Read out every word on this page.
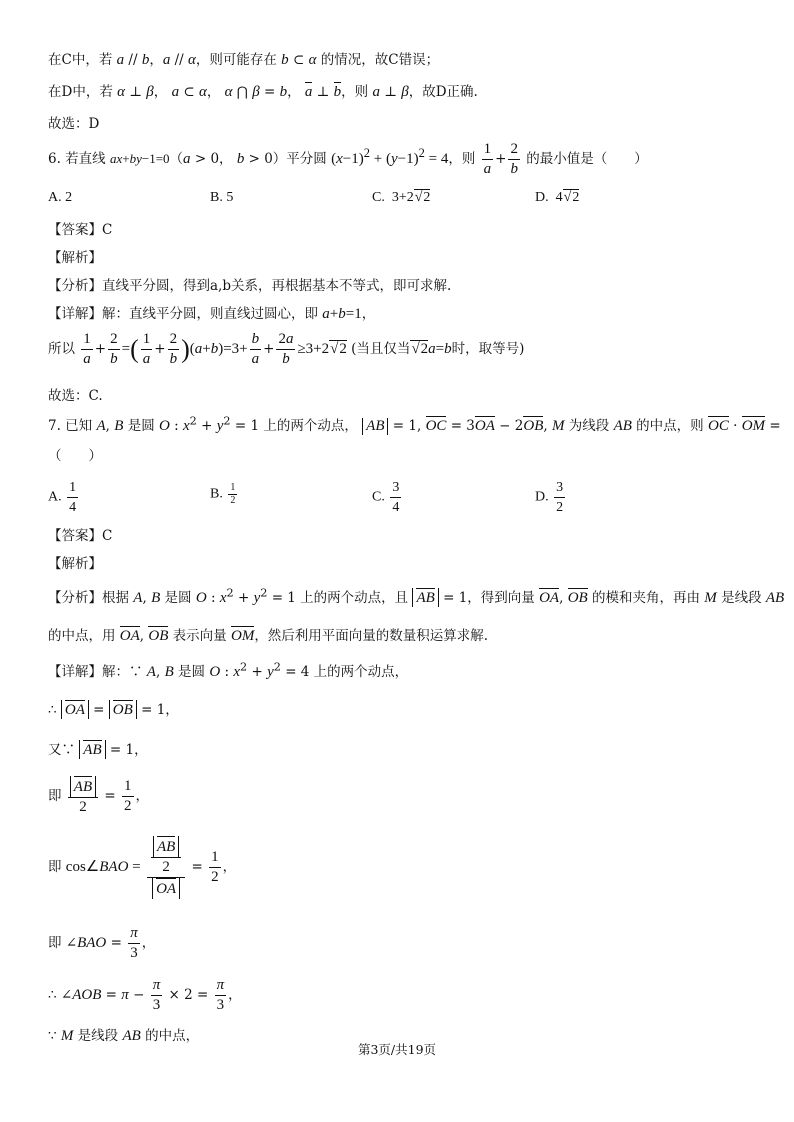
在C中，若 a // b，a // α，则可能存在 b ⊂ α 的情况，故C错误；
在D中，若 α ⊥ β， a ⊂ α， α ⋂ β = b， a ⊥ b，则 a ⊥ β，故D正确.
故选：D
6. 若直线 ax+by−1=0（a > 0， b > 0）平分圆 $(x-1)^2 + (y-1)^2 = 4$，则 $\frac{1}{a} + \frac{2}{b}$ 的最小值是（　　）
A. 2	B. 5	C.  3+2√2	D.  4√2
【答案】C
【解析】
【分析】直线平分圆，得到a,b关系，再根据基本不等式，即可求解.
【详解】解：直线平分圆，则直线过圆心，即 a+b=1，
所以 $\frac{1}{a} + \frac{2}{b}$ =( $\frac{1}{a} + \frac{2}{b} )(a+b)=3+ \frac{b}{a} + \frac{2a}{b} \ge 3+2√2$ (当且仅当√2a=b时，取等号)
故选：C.
7. 已知 A, B 是圆 O : $x^2 + y^2 = 1$ 上的两个动点， AB = 1, OC = 3OA − 2OB, M 为线段 AB 的中点，则 OC · OM =
（　　）
A. $\frac{1}{4}$	B. $\frac{1}{2}$	C. $\frac{3}{4}$	D. $\frac{3}{2}$
【答案】C
【解析】
【分析】根据 A, B 是圆 O : $x^2 + y^2 = 1$ 上的两个动点，且 AB = 1，得到向量 OA, OB 的模和夹角，再由 M 是线段 AB
的中点，用 OA, OB 表示向量 OM，然后利用平面向量的数量积运算求解.
【详解】解：∵ A, B 是圆 O : $x^2 + y^2 = 4$ 上的两个动点，
∴ OA = OB = 1，
又∵ AB = 1，
即 $\frac{AB}{2} = \frac{1}{2}$ ，
即 cos∠BAO = $\frac{\frac{AB}{2}}{OA} = \frac{1}{2}$ ，
即 ∠BAO = $\frac{\pi}{3}$ ，
∴ ∠AOB = $\pi - \frac{\pi}{3} \times 2 = \frac{\pi}{3}$ ，
∵ M 是线段 AB 的中点，
第3页/共19页
